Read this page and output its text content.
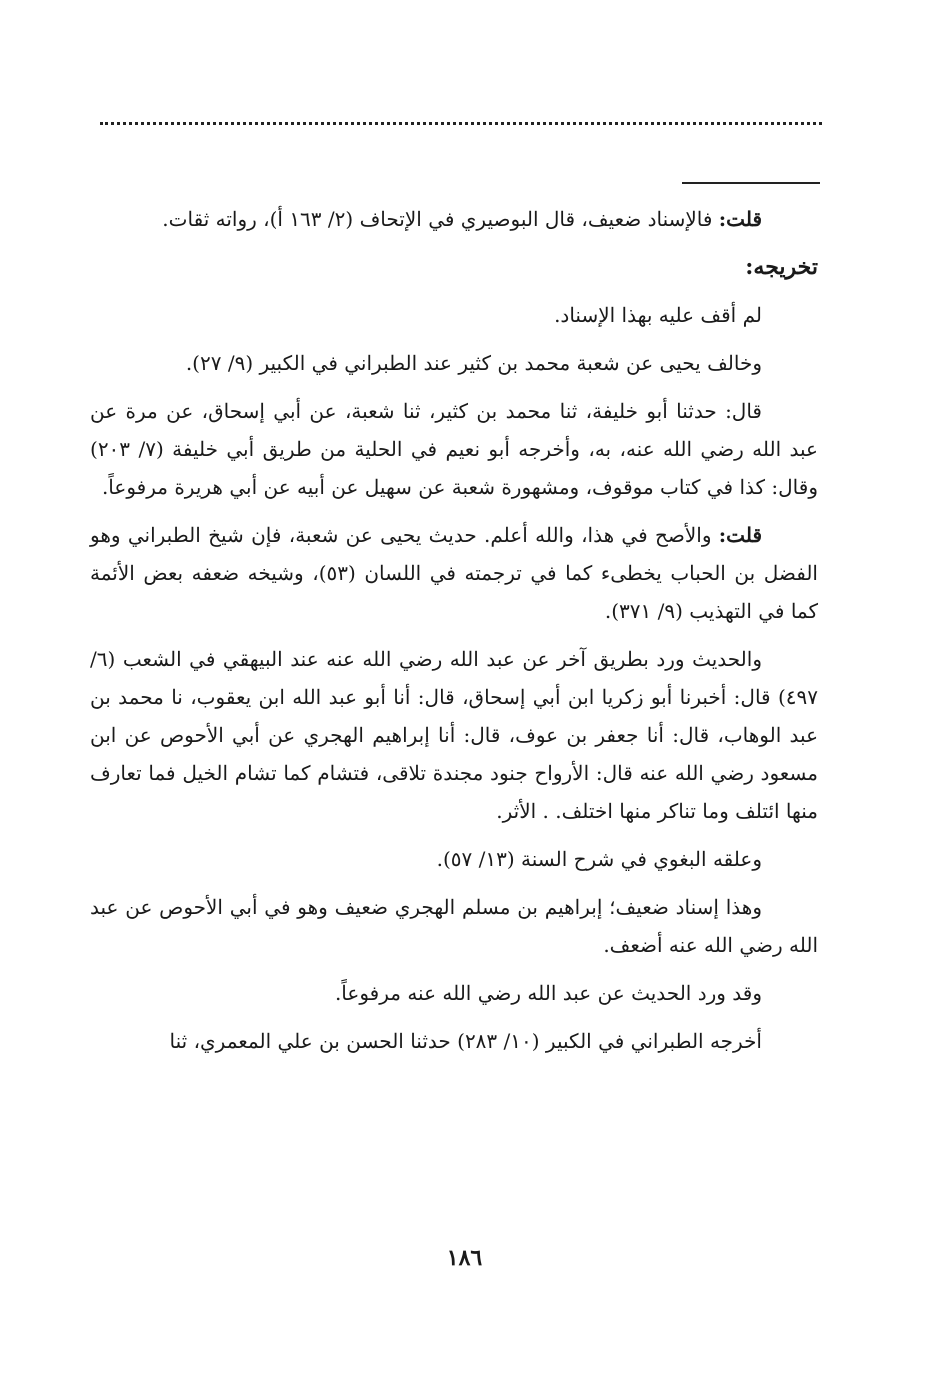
قلت: فالإسناد ضعيف، قال البوصيري في الإتحاف (٢/ ١٦٣ أ)، رواته ثقات.

تخريجه:

لم أقف عليه بهذا الإسناد.

وخالف يحيى عن شعبة محمد بن كثير عند الطبراني في الكبير (٩/ ٢٧).

قال: حدثنا أبو خليفة، ثنا محمد بن كثير، ثنا شعبة، عن أبي إسحاق، عن مرة عن عبد الله رضي الله عنه، به، وأخرجه أبو نعيم في الحلية من طريق أبي خليفة (٧/ ٢٠٣) وقال: كذا في كتاب موقوف، ومشهورة شعبة عن سهيل عن أبيه عن أبي هريرة مرفوعاً.

قلت: والأصح في هذا، والله أعلم. حديث يحيى عن شعبة، فإن شيخ الطبراني وهو الفضل بن الحباب يخطىء كما في ترجمته في اللسان (٥٣)، وشيخه ضعفه بعض الأئمة كما في التهذيب (٩/ ٣٧١).

والحديث ورد بطريق آخر عن عبد الله رضي الله عنه عند البيهقي في الشعب (٦/ ٤٩٧) قال: أخبرنا أبو زكريا ابن أبي إسحاق، قال: أنا أبو عبد الله ابن يعقوب، نا محمد بن عبد الوهاب، قال: أنا جعفر بن عوف، قال: أنا إبراهيم الهجري عن أبي الأحوص عن ابن مسعود رضي الله عنه قال: الأرواح جنود مجندة تلاقى، فتشام كما تشام الخيل فما تعارف منها ائتلف وما تناكر منها اختلف. . الأثر.

وعلقه البغوي في شرح السنة (١٣/ ٥٧).

وهذا إسناد ضعيف؛ إبراهيم بن مسلم الهجري ضعيف وهو في أبي الأحوص عن عبد الله رضي الله عنه أضعف.

وقد ورد الحديث عن عبد الله رضي الله عنه مرفوعاً.

أخرجه الطبراني في الكبير (١٠/ ٢٨٣) حدثنا الحسن بن علي المعمري، ثنا

١٨٦
